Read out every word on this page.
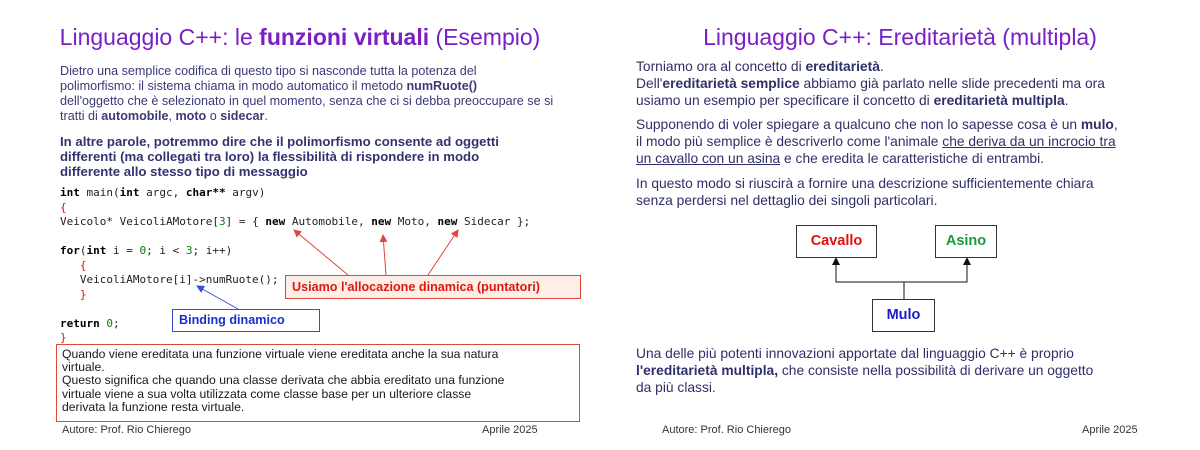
Linguaggio C++: le funzioni virtuali (Esempio)
Dietro una semplice codifica di questo tipo si nasconde tutta la potenza del
polimorfismo: il sistema chiama in modo automatico il metodo numRuote()
dell'oggetto che è selezionato in quel momento, senza che ci si debba preoccupare se si
tratti di automobile, moto o sidecar.
In altre parole, potremmo dire che il polimorfismo consente ad oggetti
differenti (ma collegati tra loro) la flessibilità di rispondere in modo
differente allo stesso tipo di messaggio
int main(int argc, char** argv)
{
Veicolo* VeicoliAMotore[3] = { new Automobile, new Moto, new Sidecar };

for(int i = 0; i < 3; i++)
{
VeicoliAMotore[i]->numRuote();
}

return 0;
}
Usiamo l'allocazione dinamica (puntatori)
Binding dinamico
Quando viene ereditata una funzione virtuale viene ereditata anche la sua natura
virtuale.
Questo significa che quando una classe derivata che abbia ereditato una funzione
virtuale viene a sua volta utilizzata come classe base per un ulteriore classe
derivata la funzione resta virtuale.
Autore: Prof. Rio Chierego	Aprile 2025
Linguaggio C++: Ereditarietà (multipla)
Torniamo ora al concetto di ereditarietà.
Dell'ereditarietà semplice abbiamo già parlato nelle slide precedenti ma ora
usiamo un esempio per specificare il concetto di ereditarietà multipla.
Supponendo di voler spiegare a qualcuno che non lo sapesse cosa è un mulo,
il modo più semplice è descriverlo come l'animale che deriva da un incrocio tra
un cavallo con un asina e che eredita le caratteristiche di entrambi.
In questo modo si riuscirà a fornire una descrizione sufficientemente chiara
senza perdersi nel dettaglio dei singoli particolari.
Cavallo	Asino
Mulo
Una delle più potenti innovazioni apportate dal linguaggio C++ è proprio
l'ereditarietà multipla, che consiste nella possibilità di derivare un oggetto
da più classi.
Autore: Prof. Rio Chierego	Aprile 2025
